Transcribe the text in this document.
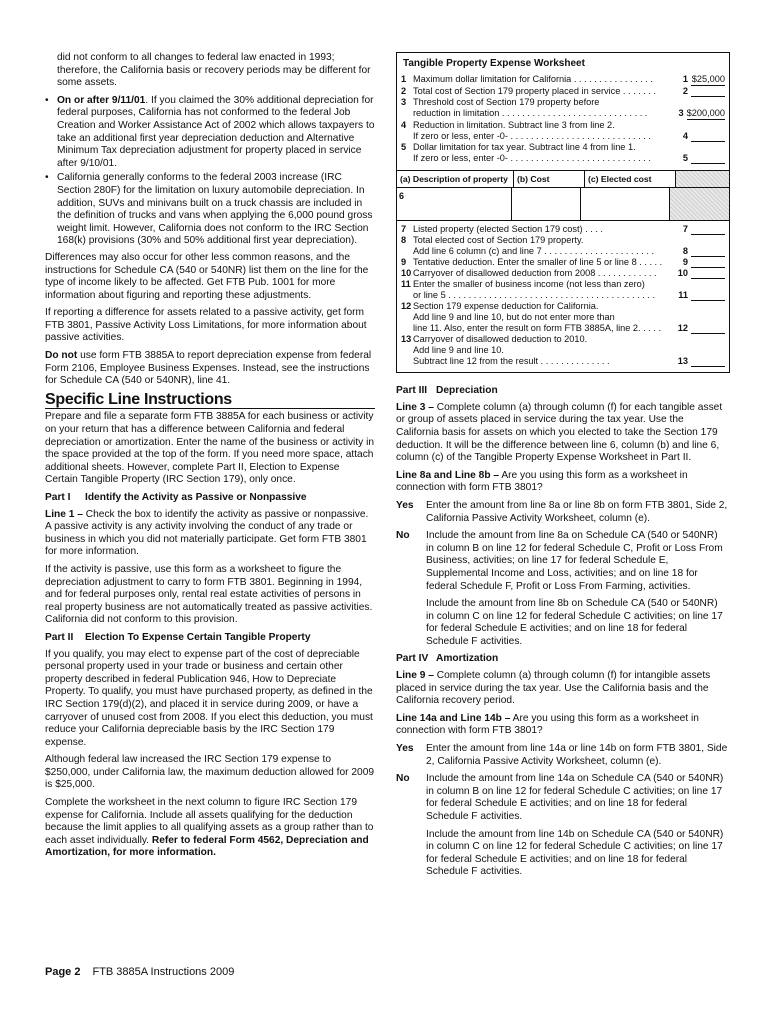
did not conform to all changes to federal law enacted in 1993; therefore, the California basis or recovery periods may be different for some assets.

• On or after 9/11/01. If you claimed the 30% additional depreciation for federal purposes, California has not conformed to the federal Job Creation and Worker Assistance Act of 2002 which allows taxpayers to take an additional first year depreciation deduction and Alternative Minimum Tax depreciation adjustment for property placed in service after 9/10/01.
• California generally conforms to the federal 2003 increase (IRC Section 280F) for the limitation on luxury automobile depreciation. In addition, SUVs and minivans built on a truck chassis are included in the definition of trucks and vans when applying the 6,000 pound gross weight limit. However, California does not conform to the IRC Section 168(k) provisions (30% and 50% additional first year depreciation).

Differences may also occur for other less common reasons, and the instructions for Schedule CA (540 or 540NR) list them on the line for the type of income likely to be affected. Get FTB Pub. 1001 for more information about figuring and reporting these adjustments.

If reporting a difference for assets related to a passive activity, get form FTB 3801, Passive Activity Loss Limitations, for more information about passive activities.

Do not use form FTB 3885A to report depreciation expense from federal Form 2106, Employee Business Expenses. Instead, see the instructions for Schedule CA (540 or 540NR), line 41.

Specific Line Instructions

Prepare and file a separate form FTB 3885A for each business or activity on your return that has a difference between California and federal depreciation or amortization. Enter the name of the business or activity in the space provided at the top of the form. If you need more space, attach additional sheets. However, complete Part II, Election to Expense Certain Tangible Property (IRC Section 179), only once.

Part I Identify the Activity as Passive or Nonpassive

Line 1 – Check the box to identify the activity as passive or nonpassive. A passive activity is any activity involving the conduct of any trade or business in which you did not materially participate. Get form FTB 3801 for more information.

If the activity is passive, use this form as a worksheet to figure the depreciation adjustment to carry to form FTB 3801. Beginning in 1994, and for federal purposes only, rental real estate activities of persons in real property business are not automatically treated as passive activities. California did not conform to this provision.

Part II Election To Expense Certain Tangible Property

If you qualify, you may elect to expense part of the cost of depreciable personal property used in your trade or business and certain other property described in federal Publication 946, How to Depreciate Property. To qualify, you must have purchased property, as defined in the IRC Section 179(d)(2), and placed it in service during 2009, or have a carryover of unused cost from 2008. If you elect this deduction, you must reduce your California depreciable basis by the IRC Section 179 expense.

Although federal law increased the IRC Section 179 expense to $250,000, under California law, the maximum deduction allowed for 2009 is $25,000.

Complete the worksheet in the next column to figure IRC Section 179 expense for California. Include all assets qualifying for the deduction because the limit applies to all qualifying assets as a group rather than to each asset individually. Refer to federal Form 4562, Depreciation and Amortization, for more information.

Tangible Property Expense Worksheet
1 Maximum dollar limitation for California . . . . . . . . . . . . . . . .	1 $25,000
2 Total cost of Section 179 property placed in service . . . . . . .	2
3 Threshold cost of Section 179 property before
reduction in limitation . . . . . . . . . . . . . . . . . . . . . . . . . . . . .	3 $200,000
4 Reduction in limitation. Subtract line 3 from line 2.
If zero or less, enter -0- . . . . . . . . . . . . . . . . . . . . . . . . . . . .	4
5 Dollar limitation for tax year. Subtract line 4 from line 1.
If zero or less, enter -0- . . . . . . . . . . . . . . . . . . . . . . . . . . . .	5
(a) Description of property	(b) Cost	(c) Elected cost
6
7 Listed property (elected Section 179 cost) . . . .	7
8 Total elected cost of Section 179 property.
Add line 6 column (c) and line 7 . . . . . . . . . . . . . . . . . . . . . .	8
9 Tentative deduction. Enter the smaller of line 5 or line 8 . . . . .	9
10 Carryover of disallowed deduction from 2008 . . . . . . . . . . . .	10
11 Enter the smaller of business income (not less than zero)
or line 5 . . . . . . . . . . . . . . . . . . . . . . . . . . . . . . . . . . . . . . . . .	11
12 Section 179 expense deduction for California.
Add line 9 and line 10, but do not enter more than
line 11. Also, enter the result on form FTB 3885A, line 2. . . . .	12
13 Carryover of disallowed deduction to 2010.
Add line 9 and line 10.
Subtract line 12 from the result . . . . . . . . . . . . . .	13
Part III Depreciation

Line 3 – Complete column (a) through column (f) for each tangible asset or group of assets placed in service during the tax year. Use the California basis for assets on which you elected to take the Section 179 deduction. It will be the difference between line 6, column (b) and line 6, column (c) of the Tangible Property Expense Worksheet in Part II.

Line 8a and Line 8b – Are you using this form as a worksheet in connection with form FTB 3801?

Yes	Enter the amount from line 8a or line 8b on form FTB 3801, Side 2, California Passive Activity Worksheet, column (e).
No	Include the amount from line 8a on Schedule CA (540 or 540NR) in column B on line 12 for federal Schedule C, Profit or Loss From Business, activities; on line 17 for federal Schedule E, Supplemental Income and Loss, activities; and on line 18 for federal Schedule F, Profit or Loss From Farming, activities.
Include the amount from line 8b on Schedule CA (540 or 540NR) in column C on line 12 for federal Schedule C activities; on line 17 for federal Schedule E activities; and on line 18 for federal Schedule F activities.
Part IV Amortization

Line 9 – Complete column (a) through column (f) for intangible assets placed in service during the tax year. Use the California basis and the California recovery period.

Line 14a and Line 14b – Are you using this form as a worksheet in connection with form FTB 3801?

Yes	Enter the amount from line 14a or line 14b on form FTB 3801, Side 2, California Passive Activity Worksheet, column (e).
No	Include the amount from line 14a on Schedule CA (540 or 540NR) in column B on line 12 for federal Schedule C activities; on line 17 for federal Schedule E activities; and on line 18 for federal Schedule F activities.
Include the amount from line 14b on Schedule CA (540 or 540NR) in column C on line 12 for federal Schedule C activities; on line 17 for federal Schedule E activities; and on line 18 for federal Schedule F activities.
Page 2 FTB 3885A Instructions 2009
